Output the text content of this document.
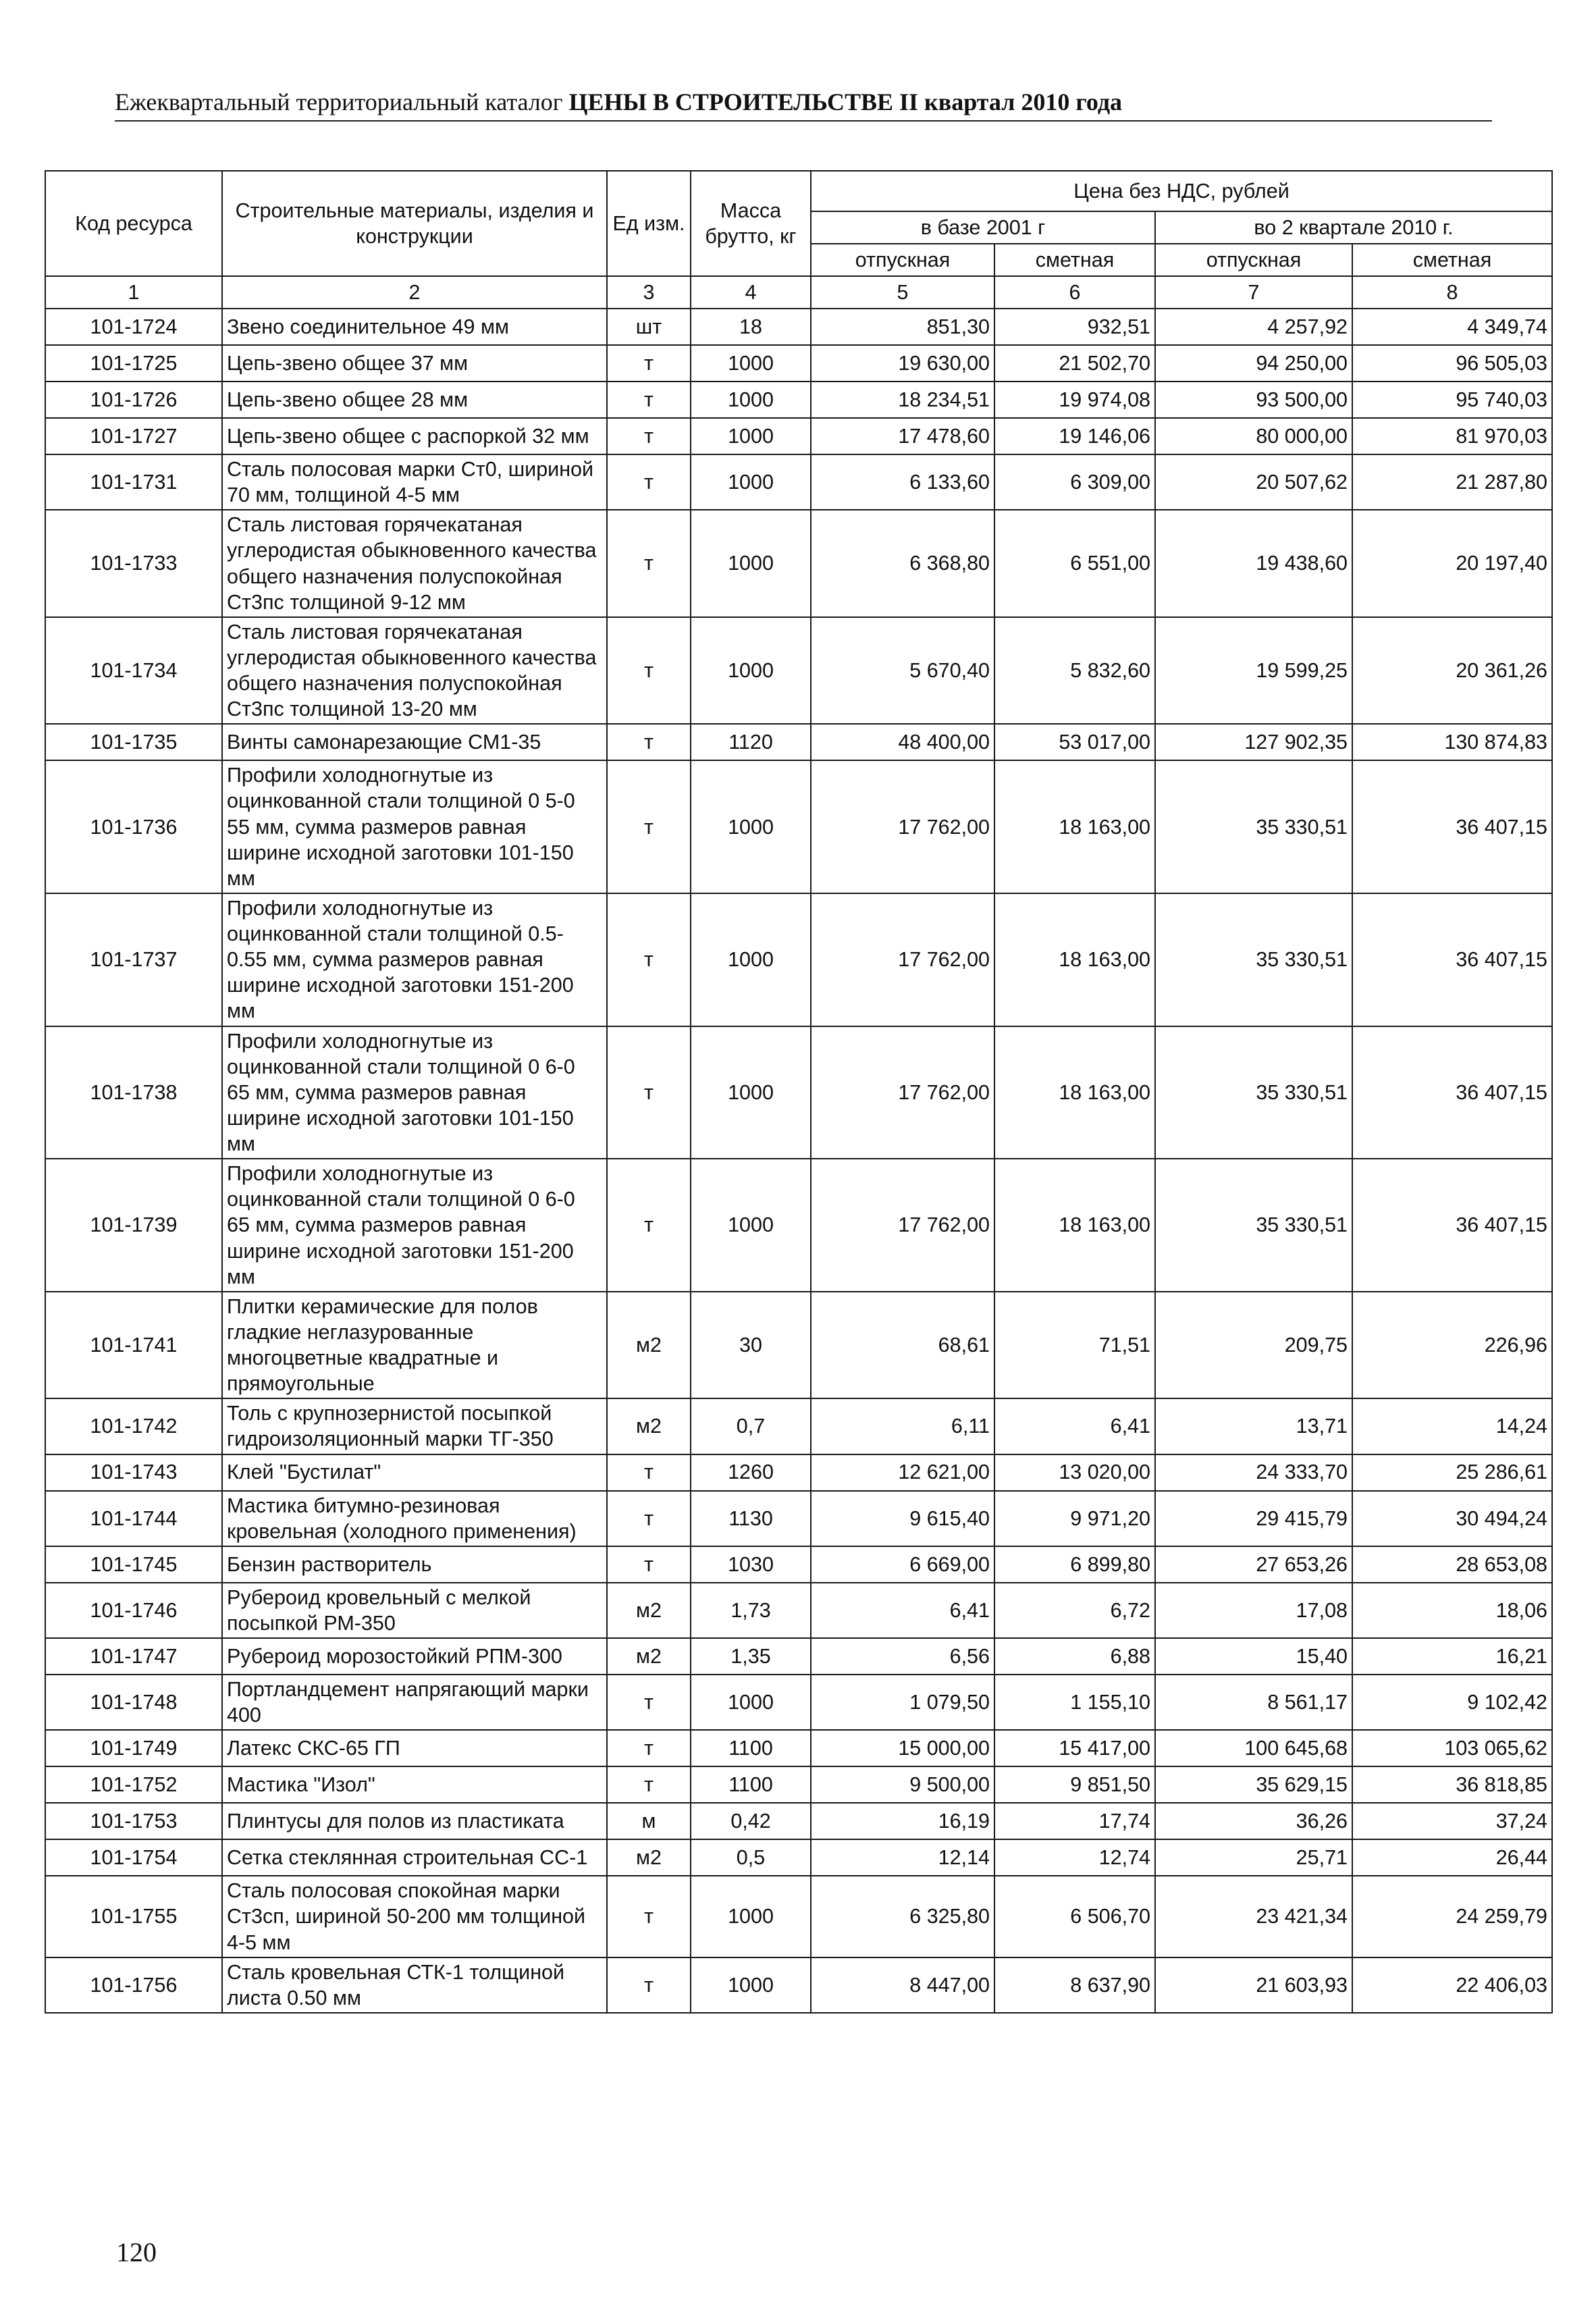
Ежеквартальный территориальный каталог ЦЕНЫ В СТРОИТЕЛЬСТВЕ II квартал 2010 года
Код ресурса	Строительные материалы, изделия и конструкции	Ед изм.	Масса брутто, кг	Цена без НДС, рублей			
				в базе 2001 г		во 2 квартале 2010 г.	
				отпускная	сметная	отпускная	сметная
1	2	3	4	5	6	7	8
101-1724	Звено соединительное 49 мм	шт	18	851,30	932,51	4 257,92	4 349,74
101-1725	Цепь-звено общее 37 мм	т	1000	19 630,00	21 502,70	94 250,00	96 505,03
101-1726	Цепь-звено общее 28 мм	т	1000	18 234,51	19 974,08	93 500,00	95 740,03
101-1727	Цепь-звено общее с распоркой 32 мм	т	1000	17 478,60	19 146,06	80 000,00	81 970,03
101-1731	Сталь полосовая марки Ст0, шириной 70 мм, толщиной 4-5 мм	т	1000	6 133,60	6 309,00	20 507,62	21 287,80
101-1733	Сталь листовая горячекатаная углеродистая обыкновенного качества общего назначения полуспокойная Ст3пс толщиной 9-12 мм	т	1000	6 368,80	6 551,00	19 438,60	20 197,40
101-1734	Сталь листовая горячекатаная углеродистая обыкновенного качества общего назначения полуспокойная Ст3пс толщиной 13-20 мм	т	1000	5 670,40	5 832,60	19 599,25	20 361,26
101-1735	Винты самонарезающие СМ1-35	т	1120	48 400,00	53 017,00	127 902,35	130 874,83
101-1736	Профили холодногнутые из оцинкованной стали толщиной 0 5-0 55 мм, сумма размеров равная ширине исходной заготовки 101-150 мм	т	1000	17 762,00	18 163,00	35 330,51	36 407,15
101-1737	Профили холодногнутые из оцинкованной стали толщиной 0.5-0.55 мм, сумма размеров равная ширине исходной заготовки 151-200 мм	т	1000	17 762,00	18 163,00	35 330,51	36 407,15
101-1738	Профили холодногнутые из оцинкованной стали толщиной 0 6-0 65 мм, сумма размеров равная ширине исходной заготовки 101-150 мм	т	1000	17 762,00	18 163,00	35 330,51	36 407,15
101-1739	Профили холодногнутые из оцинкованной стали толщиной 0 6-0 65 мм, сумма размеров равная ширине исходной заготовки 151-200 мм	т	1000	17 762,00	18 163,00	35 330,51	36 407,15
101-1741	Плитки керамические для полов гладкие неглазурованные многоцветные квадратные и прямоугольные	м2	30	68,61	71,51	209,75	226,96
101-1742	Толь с крупнозернистой посыпкой гидроизоляционный марки ТГ-350	м2	0,7	6,11	6,41	13,71	14,24
101-1743	Клей "Бустилат"	т	1260	12 621,00	13 020,00	24 333,70	25 286,61
101-1744	Мастика битумно-резиновая кровельная (холодного применения)	т	1130	9 615,40	9 971,20	29 415,79	30 494,24
101-1745	Бензин растворитель	т	1030	6 669,00	6 899,80	27 653,26	28 653,08
101-1746	Рубероид кровельный с мелкой посыпкой РМ-350	м2	1,73	6,41	6,72	17,08	18,06
101-1747	Рубероид морозостойкий РПМ-300	м2	1,35	6,56	6,88	15,40	16,21
101-1748	Портландцемент напрягающий марки 400	т	1000	1 079,50	1 155,10	8 561,17	9 102,42
101-1749	Латекс СКС-65 ГП	т	1100	15 000,00	15 417,00	100 645,68	103 065,62
101-1752	Мастика "Изол"	т	1100	9 500,00	9 851,50	35 629,15	36 818,85
101-1753	Плинтусы для полов из пластиката	м	0,42	16,19	17,74	36,26	37,24
101-1754	Сетка стеклянная строительная СС-1	м2	0,5	12,14	12,74	25,71	26,44
101-1755	Сталь полосовая спокойная марки Ст3сп, шириной 50-200 мм толщиной 4-5 мм	т	1000	6 325,80	6 506,70	23 421,34	24 259,79
101-1756	Сталь кровельная СТК-1 толщиной листа 0.50 мм	т	1000	8 447,00	8 637,90	21 603,93	22 406,03
120
